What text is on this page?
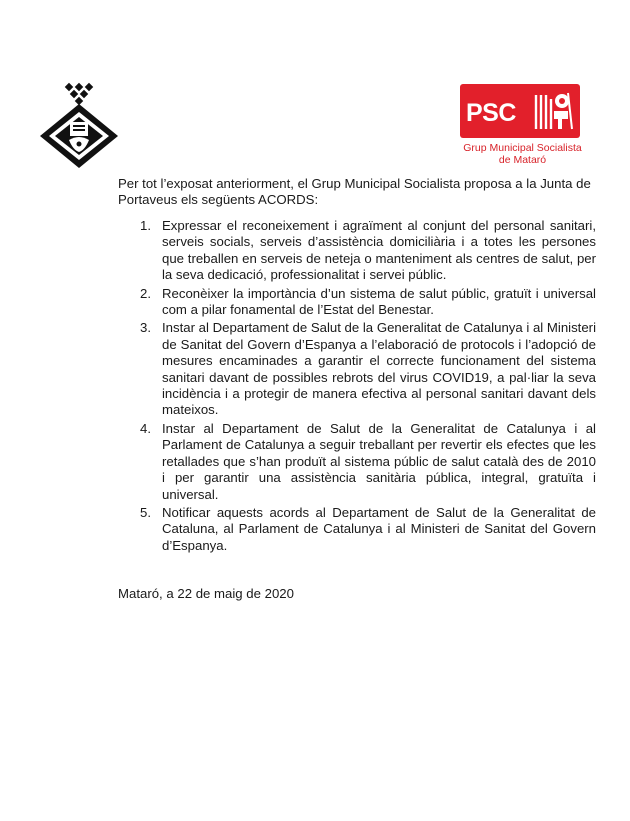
PSC
Grup Municipal Socialista
de Mataró

Per tot l’exposat anteriorment, el Grup Municipal Socialista proposa a la Junta de Portaveus els següents ACORDS:

1. Expressar el reconeixement i agraïment al conjunt del personal sanitari, serveis socials, serveis d’assistència domiciliària i a totes les persones que treballen en serveis de neteja o manteniment als centres de salut, per la seva dedicació, professionalitat i servei públic.
2. Reconèixer la importància d’un sistema de salut públic, gratuït i universal com a pilar fonamental de l’Estat del Benestar.
3. Instar al Departament de Salut de la Generalitat de Catalunya i al Ministeri de Sanitat del Govern d’Espanya a l’elaboració de protocols i l’adopció de mesures encaminades a garantir el correcte funcionament del sistema sanitari davant de possibles rebrots del virus COVID19, a pal·liar la seva incidència i a protegir de manera efectiva al personal sanitari davant dels mateixos.
4. Instar al Departament de Salut de la Generalitat de Catalunya i al Parlament de Catalunya a seguir treballant per revertir els efectes que les retallades que s’han produït al sistema públic de salut català des de 2010 i per garantir una assistència sanitària pública, integral, gratuïta i universal.
5. Notificar aquests acords al Departament de Salut de la Generalitat de Cataluna, al Parlament de Catalunya i al Ministeri de Sanitat del Govern d’Espanya.

Mataró, a 22 de maig de 2020
